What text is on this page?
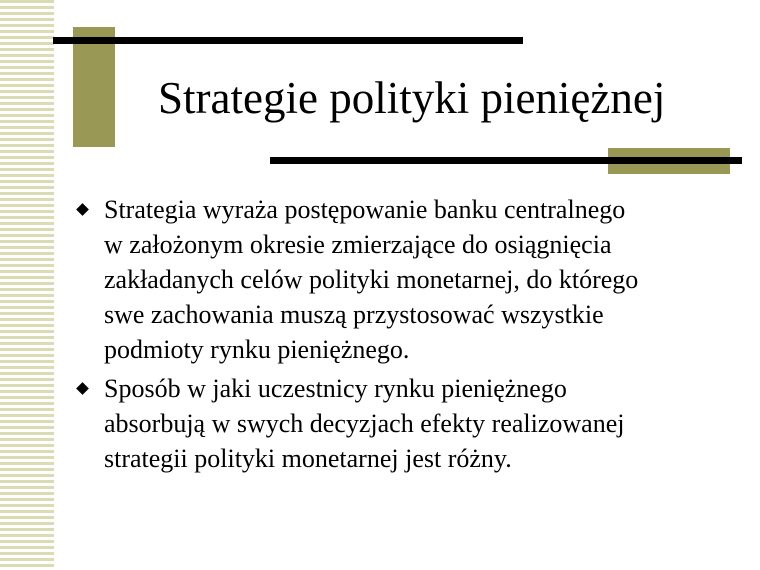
Strategie polityki pieniężnej
Strategia wyraża postępowanie banku centralnego
w założonym okresie zmierzające do osiągnięcia
zakładanych celów polityki monetarnej, do którego
swe zachowania muszą przystosować wszystkie
podmioty rynku pieniężnego.
Sposób w jaki uczestnicy rynku pieniężnego
absorbują w swych decyzjach efekty realizowanej
strategii polityki monetarnej jest różny.
